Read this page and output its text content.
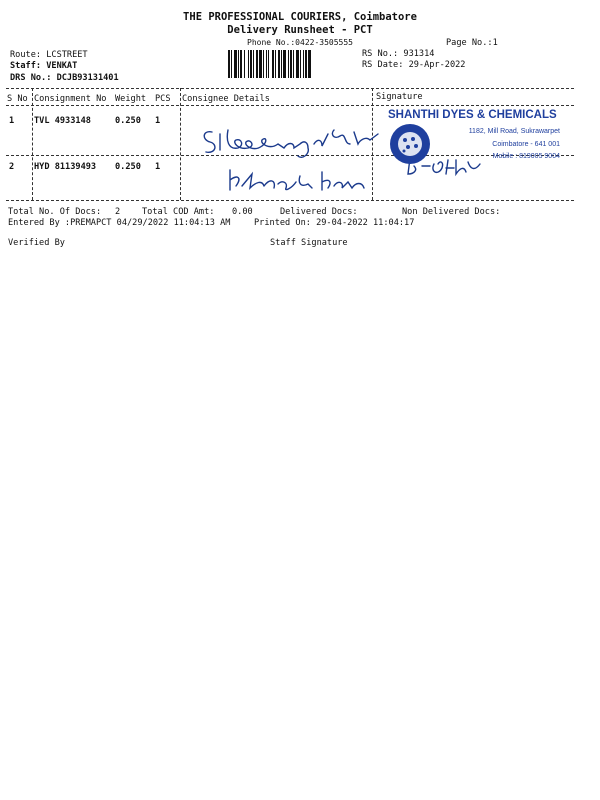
THE PROFESSIONAL COURIERS, Coimbatore
Delivery Runsheet - PCT
Phone No.:0422-3505555	Page No.:1
Route: LCSTREET
Staff: VENKAT
DRS No.: DCJB93131401
RS No.: 931314
RS Date: 29-Apr-2022
S No Consignment No Weight PCS Consignee Details	Signature
1 TVL 4933148	0.250 1
2 HYD 81139493 0.250 1
SHANTHI DYES & CHEMICALS
1182, Mill Road, Sukrawarpet
Coimbatore - 641 001
Mobile : 819005 9004
Total No. Of Docs: 2	Total COD Amt: 0.00	Delivered Docs:	Non Delivered Docs:
Entered By :PREMAPCT 04/29/2022 11:04:13 AM	Printed On: 29-04-2022 11:04:17
Verified By	Staff Signature
